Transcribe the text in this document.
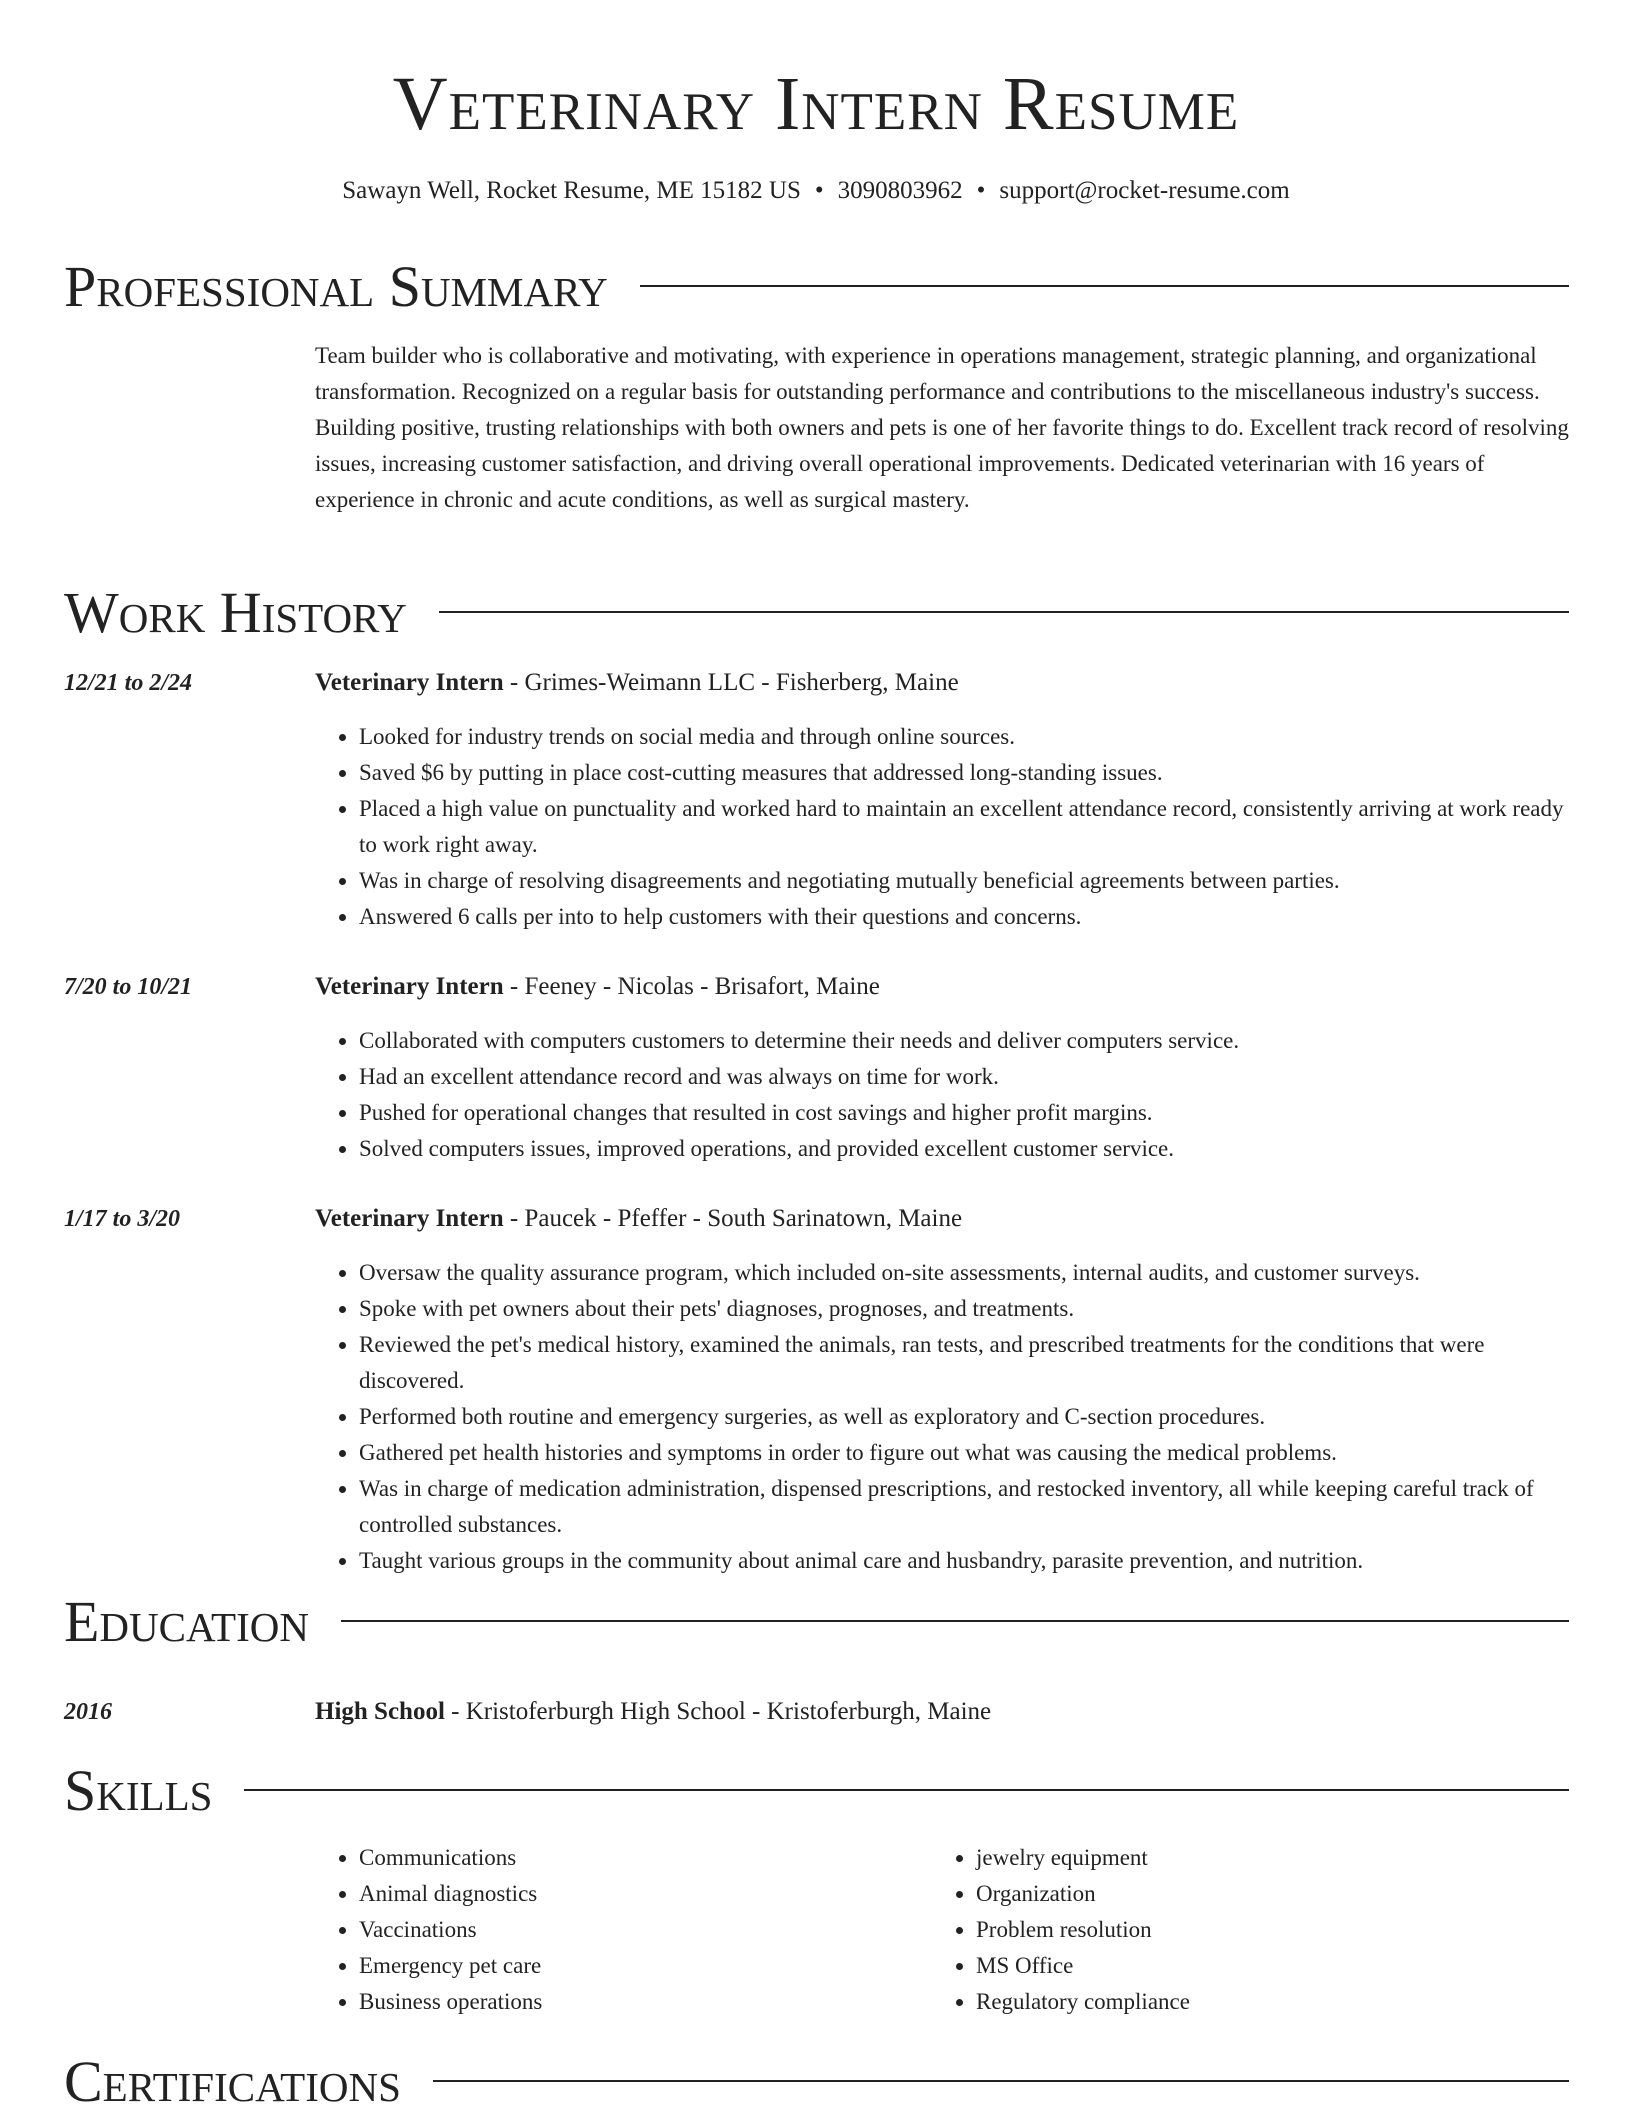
Veterinary Intern Resume
Sawayn Well, Rocket Resume, ME 15182 US • 3090803962 • support@rocket-resume.com
Professional Summary
Team builder who is collaborative and motivating, with experience in operations management, strategic planning, and organizational transformation. Recognized on a regular basis for outstanding performance and contributions to the miscellaneous industry's success. Building positive, trusting relationships with both owners and pets is one of her favorite things to do. Excellent track record of resolving issues, increasing customer satisfaction, and driving overall operational improvements. Dedicated veterinarian with 16 years of experience in chronic and acute conditions, as well as surgical mastery.
Work History
12/21 to 2/24	Veterinary Intern - Grimes-Weimann LLC - Fisherberg, Maine
• Looked for industry trends on social media and through online sources.
• Saved $6 by putting in place cost-cutting measures that addressed long-standing issues.
• Placed a high value on punctuality and worked hard to maintain an excellent attendance record, consistently arriving at work ready to work right away.
• Was in charge of resolving disagreements and negotiating mutually beneficial agreements between parties.
• Answered 6 calls per into to help customers with their questions and concerns.
7/20 to 10/21	Veterinary Intern - Feeney - Nicolas - Brisafort, Maine
• Collaborated with computers customers to determine their needs and deliver computers service.
• Had an excellent attendance record and was always on time for work.
• Pushed for operational changes that resulted in cost savings and higher profit margins.
• Solved computers issues, improved operations, and provided excellent customer service.
1/17 to 3/20	Veterinary Intern - Paucek - Pfeffer - South Sarinatown, Maine
• Oversaw the quality assurance program, which included on-site assessments, internal audits, and customer surveys.
• Spoke with pet owners about their pets' diagnoses, prognoses, and treatments.
• Reviewed the pet's medical history, examined the animals, ran tests, and prescribed treatments for the conditions that were discovered.
• Performed both routine and emergency surgeries, as well as exploratory and C-section procedures.
• Gathered pet health histories and symptoms in order to figure out what was causing the medical problems.
• Was in charge of medication administration, dispensed prescriptions, and restocked inventory, all while keeping careful track of controlled substances.
• Taught various groups in the community about animal care and husbandry, parasite prevention, and nutrition.
Education
2016	High School - Kristoferburgh High School - Kristoferburgh, Maine
Skills
• Communications
• Animal diagnostics
• Vaccinations
• Emergency pet care
• Business operations
• jewelry equipment
• Organization
• Problem resolution
• MS Office
• Regulatory compliance
Certifications
